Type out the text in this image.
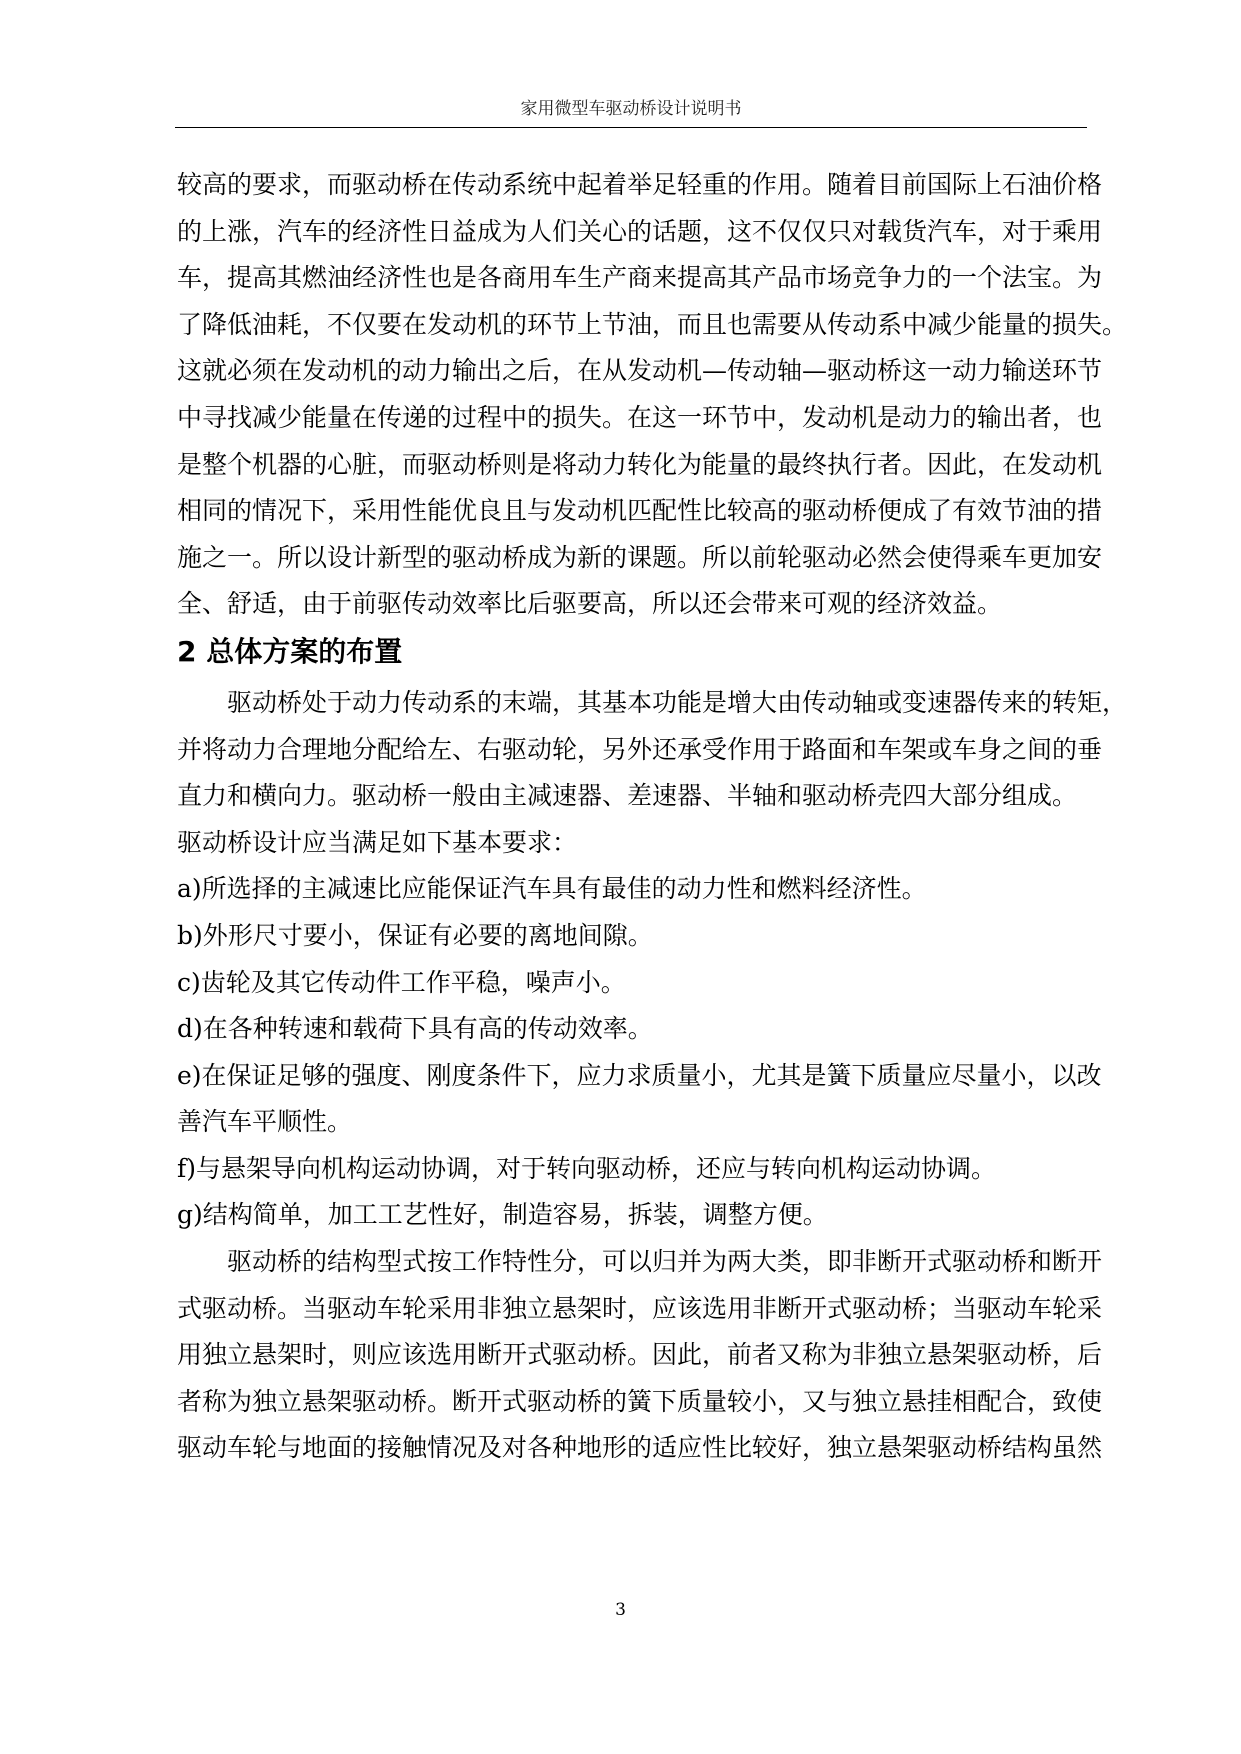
家用微型车驱动桥设计说明书
较高的要求，而驱动桥在传动系统中起着举足轻重的作用。随着目前国际上石油价格
的上涨，汽车的经济性日益成为人们关心的话题，这不仅仅只对载货汽车，对于乘用
车，提高其燃油经济性也是各商用车生产商来提高其产品市场竞争力的一个法宝。为
了降低油耗，不仅要在发动机的环节上节油，而且也需要从传动系中减少能量的损失。
这就必须在发动机的动力输出之后，在从发动机—传动轴—驱动桥这一动力输送环节
中寻找减少能量在传递的过程中的损失。在这一环节中，发动机是动力的输出者，也
是整个机器的心脏，而驱动桥则是将动力转化为能量的最终执行者。因此，在发动机
相同的情况下，采用性能优良且与发动机匹配性比较高的驱动桥便成了有效节油的措
施之一。所以设计新型的驱动桥成为新的课题。所以前轮驱动必然会使得乘车更加安
全、舒适，由于前驱传动效率比后驱要高，所以还会带来可观的经济效益。
2 总体方案的布置
驱动桥处于动力传动系的末端，其基本功能是增大由传动轴或变速器传来的转矩，
并将动力合理地分配给左、右驱动轮，另外还承受作用于路面和车架或车身之间的垂
直力和横向力。驱动桥一般由主减速器、差速器、半轴和驱动桥壳四大部分组成。
驱动桥设计应当满足如下基本要求：
a)所选择的主减速比应能保证汽车具有最佳的动力性和燃料经济性。
b)外形尺寸要小，保证有必要的离地间隙。
c)齿轮及其它传动件工作平稳，噪声小。
d)在各种转速和载荷下具有高的传动效率。
e)在保证足够的强度、刚度条件下，应力求质量小，尤其是簧下质量应尽量小，以改
善汽车平顺性。
f)与悬架导向机构运动协调，对于转向驱动桥，还应与转向机构运动协调。
g)结构简单，加工工艺性好，制造容易，拆装，调整方便。
驱动桥的结构型式按工作特性分，可以归并为两大类，即非断开式驱动桥和断开
式驱动桥。当驱动车轮采用非独立悬架时，应该选用非断开式驱动桥；当驱动车轮采
用独立悬架时，则应该选用断开式驱动桥。因此，前者又称为非独立悬架驱动桥，后
者称为独立悬架驱动桥。断开式驱动桥的簧下质量较小，又与独立悬挂相配合，致使
驱动车轮与地面的接触情况及对各种地形的适应性比较好，独立悬架驱动桥结构虽然
3
